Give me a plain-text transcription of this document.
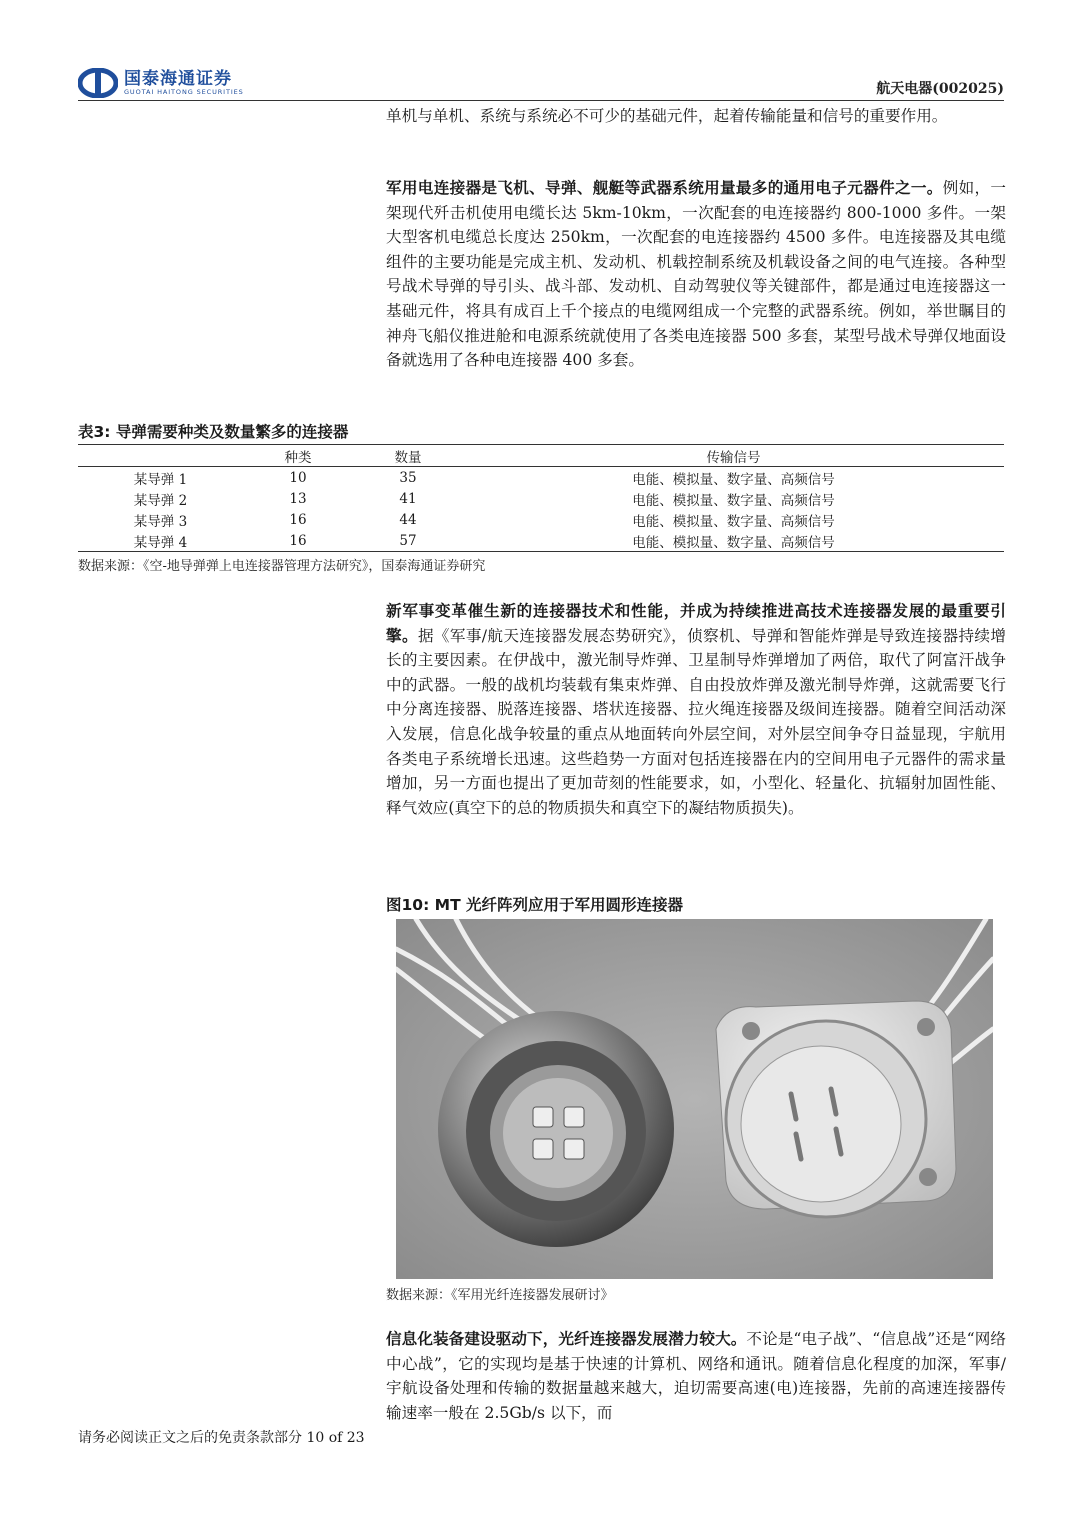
国泰海通证券
GUOTAI HAITONG SECURITIES	航天电器(002025)
单机与单机、系统与系统必不可少的基础元件，起着传输能量和信号的重要作用。
军用电连接器是飞机、导弹、舰艇等武器系统用量最多的通用电子元器件之一。例如，一架现代歼击机使用电缆长达 5km-10km，一次配套的电连接器约 800-1000 多件。一架大型客机电缆总长度达 250km，一次配套的电连接器约 4500 多件。电连接器及其电缆组件的主要功能是完成主机、发动机、机载控制系统及机载设备之间的电气连接。各种型号战术导弹的导引头、战斗部、发动机、自动驾驶仪等关键部件，都是通过电连接器这一基础元件，将具有成百上千个接点的电缆网组成一个完整的武器系统。例如，举世瞩目的神舟飞船仪推进舱和电源系统就使用了各类电连接器 500 多套，某型号战术导弹仅地面设备就选用了各种电连接器 400 多套。
表3: 导弹需要种类及数量繁多的连接器
	种类	数量	传输信号
某导弹 1	10	35	电能、模拟量、数字量、高频信号
某导弹 2	13	41	电能、模拟量、数字量、高频信号
某导弹 3	16	44	电能、模拟量、数字量、高频信号
某导弹 4	16	57	电能、模拟量、数字量、高频信号
数据来源：《空-地导弹弹上电连接器管理方法研究》，国泰海通证券研究
新军事变革催生新的连接器技术和性能，并成为持续推进高技术连接器发展的最重要引擎。据《军事/航天连接器发展态势研究》，侦察机、导弹和智能炸弹是导致连接器持续增长的主要因素。在伊战中，激光制导炸弹、卫星制导炸弹增加了两倍，取代了阿富汗战争中的武器。一般的战机均装载有集束炸弹、自由投放炸弹及激光制导炸弹，这就需要飞行中分离连接器、脱落连接器、塔状连接器、拉火绳连接器及级间连接器。随着空间活动深入发展，信息化战争较量的重点从地面转向外层空间，对外层空间争夺日益显现，宇航用各类电子系统增长迅速。这些趋势一方面对包括连接器在内的空间用电子元器件的需求量增加，另一方面也提出了更加苛刻的性能要求，如，小型化、轻量化、抗辐射加固性能、释气效应(真空下的总的物质损失和真空下的凝结物质损失)。
图10: MT 光纤阵列应用于军用圆形连接器
数据来源：《军用光纤连接器发展研讨》
信息化装备建设驱动下，光纤连接器发展潜力较大。不论是“电子战”、“信息战”还是“网络中心战”，它的实现均是基于快速的计算机、网络和通讯。随着信息化程度的加深，军事/宇航设备处理和传输的数据量越来越大，迫切需要高速(电)连接器，先前的高速连接器传输速率一般在 2.5Gb/s 以下，而
请务必阅读正文之后的免责条款部分 10 of 23
